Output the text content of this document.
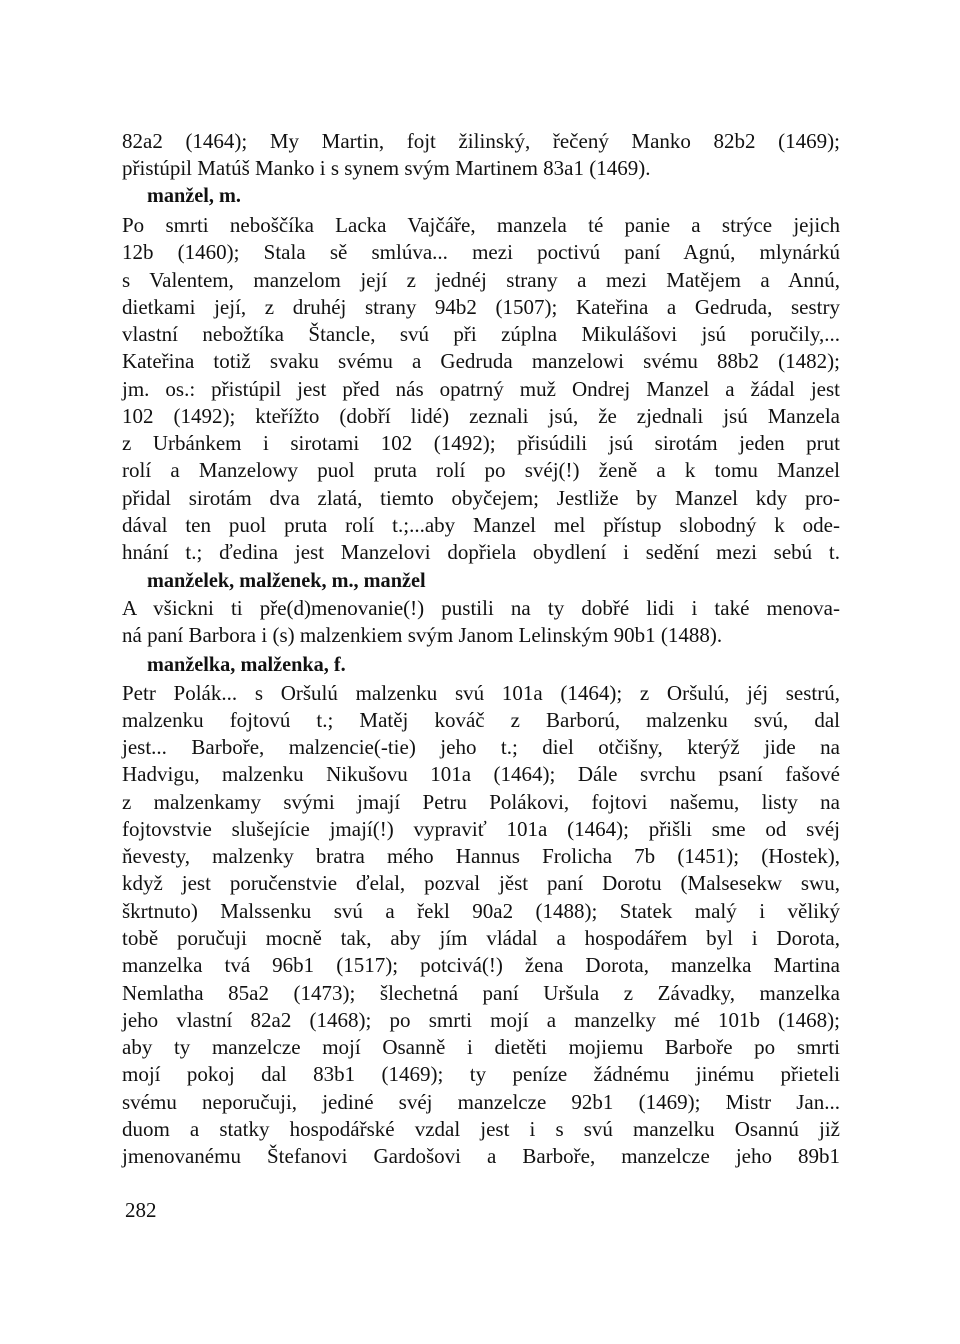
82a2 (1464); My Martin, fojt žilinský, řečený Manko 82b2 (1469);
přistúpil Matúš Manko i s synem svým Martinem 83a1 (1469).
manžel, m.
Po smrti neboščíka Lacka Vajčáře, manzela té panie a strýce jejich
12b (1460); Stala sě smlúva... mezi poctivú paní Agnú, mlynárkú
s Valentem, manzelom její z jednéj strany a mezi Matějem a Annú,
dietkami její, z druhéj strany 94b2 (1507); Kateřina a Gedruda, sestry
vlastní nebožtíka Štancle, svú při zúplna Mikulášovi jsú poručily,...
Kateřina totiž svaku svému a Gedruda manzelowi svému 88b2 (1482);
jm. os.: přistúpil jest před nás opatrný muž Ondrej Manzel a žádal jest
102 (1492); kteřížto (dobří lidé) zeznali jsú, že zjednali jsú Manzela
z Urbánkem i sirotami 102 (1492); přisúdili jsú sirotám jeden prut
rolí a Manzelowy puol pruta rolí po svéj(!) ženě a k tomu Manzel
přidal sirotám dva zlatá, tiemto obyčejem; Jestliže by Manzel kdy pro-
dával ten puol pruta rolí t.;...aby Manzel mel přístup slobodný k ode-
hnání t.; ďedina jest Manzelovi dopřiela obydlení i sedění mezi sebú t.
manželek, malženek, m., manžel
A všickni ti pře(d)menovanie(!) pustili na ty dobřé lidi i také menova-
ná paní Barbora i (s) malzenkiem svým Janom Lelinským 90b1 (1488).
manželka, malženka, f.
Petr Polák... s Oršulú malzenku svú 101a (1464); z Oršulú, jéj sestrú,
malzenku fojtovú t.; Matěj kováč z Barború, malzenku svú, dal
jest... Barboře, malzencie(-tie) jeho t.; diel otčišny, kterýž jide na
Hadvigu, malzenku Nikušovu 101a (1464); Dále svrchu psaní fašové
z malzenkamy svými jmají Petru Polákovi, fojtovi našemu, listy na
fojtovstvie slušejície jmají(!) vypraviť 101a (1464); přišli sme od svéj
ňevesty, malzenky bratra mého Hannus Frolicha 7b (1451); (Hostek),
když jest poručenstvie ďelal, pozval jěst paní Dorotu (Malsesekw swu,
škrtnuto) Malssenku svú a řekl 90a2 (1488); Statek malý i věliký
tobě poručuji mocně tak, aby jím vládal a hospodářem byl i Dorota,
manzelka tvá 96b1 (1517); potcivá(!) žena Dorota, manzelka Martina
Nemlatha 85a2 (1473); šlechetná paní Uršula z Závadky, manzelka
jeho vlastní 82a2 (1468); po smrti mojí a manzelky mé 101b (1468);
aby ty manzelcze mojí Osanně i dietěti mojiemu Barboře po smrti
mojí pokoj dal 83b1 (1469); ty peníze žádnému jinému přieteli
svému neporučuji, jediné svéj manzelcze 92b1 (1469); Mistr Jan...
duom a statky hospodářské vzdal jest i s svú manzelku Osannú již
jmenovanému Štefanovi Gardošovi a Barboře, manzelcze jeho 89b1
282
